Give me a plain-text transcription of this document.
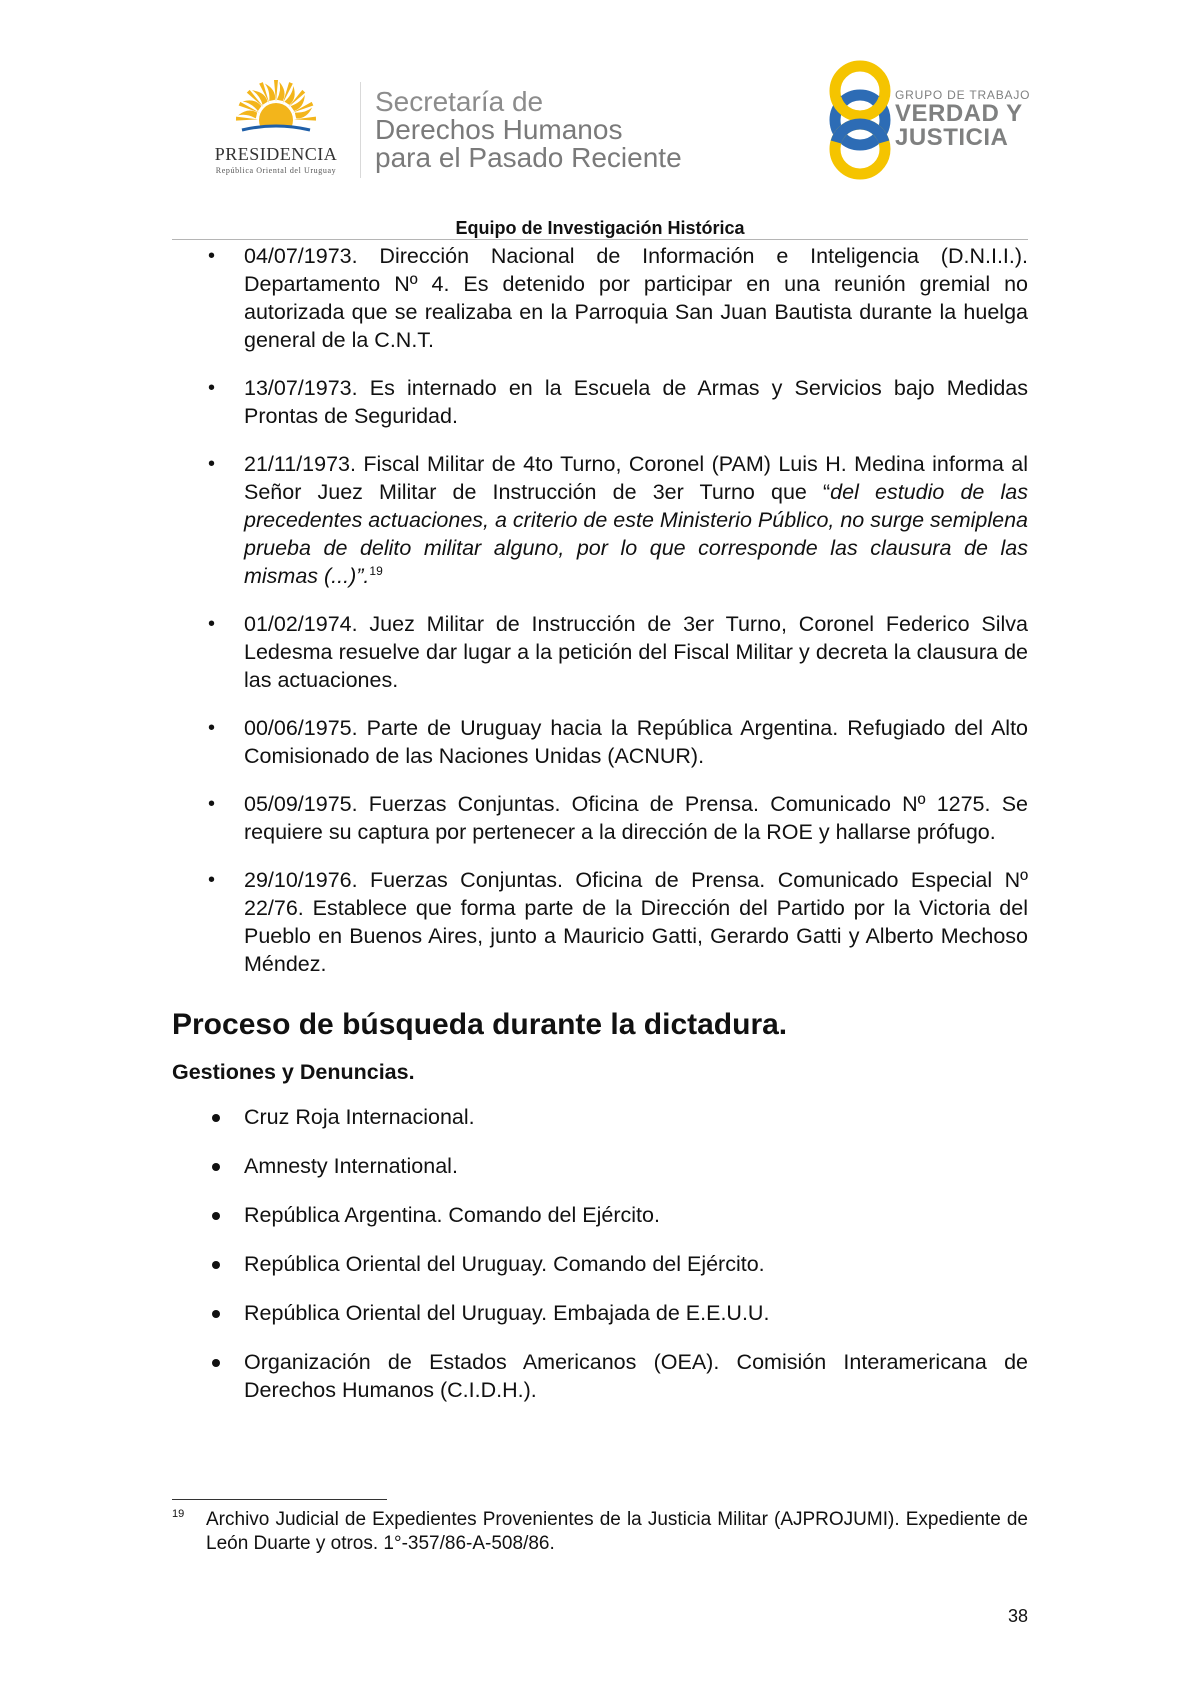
PRESIDENCIA
República Oriental del Uruguay
Secretaría de
Derechos Humanos
para el Pasado Reciente
GRUPO DE TRABAJO
VERDAD Y
JUSTICIA
Equipo de Investigación Histórica
• 04/07/1973. Dirección Nacional de Información e Inteligencia (D.N.I.I.). Departamento Nº 4. Es detenido por participar en una reunión gremial no autorizada que se realizaba en la Parroquia San Juan Bautista durante la huelga general de la C.N.T.
• 13/07/1973. Es internado en la Escuela de Armas y Servicios bajo Medidas Prontas de Seguridad.
• 21/11/1973. Fiscal Militar de 4to Turno, Coronel (PAM) Luis H. Medina informa al Señor Juez Militar de Instrucción de 3er Turno que “del estudio de las precedentes actuaciones, a criterio de este Ministerio Público, no surge semiplena prueba de delito militar alguno, por lo que corresponde las clausura de las mismas (...)”.$^{19}$
• 01/02/1974. Juez Militar de Instrucción de 3er Turno, Coronel Federico Silva Ledesma resuelve dar lugar a la petición del Fiscal Militar y decreta la clausura de las actuaciones.
• 00/06/1975. Parte de Uruguay hacia la República Argentina. Refugiado del Alto Comisionado de las Naciones Unidas (ACNUR).
• 05/09/1975. Fuerzas Conjuntas. Oficina de Prensa. Comunicado Nº 1275. Se requiere su captura por pertenecer a la dirección de la ROE y hallarse prófugo.
• 29/10/1976. Fuerzas Conjuntas. Oficina de Prensa. Comunicado Especial Nº 22/76. Establece que forma parte de la Dirección del Partido por la Victoria del Pueblo en Buenos Aires, junto a Mauricio Gatti, Gerardo Gatti y Alberto Mechoso Méndez.
Proceso de búsqueda durante la dictadura.
Gestiones y Denuncias.
Cruz Roja Internacional.
Amnesty International.
República Argentina. Comando del Ejército.
República Oriental del Uruguay. Comando del Ejército.
República Oriental del Uruguay. Embajada de E.E.U.U.
Organización de Estados Americanos (OEA). Comisión Interamericana de Derechos Humanos (C.I.D.H.).
19	Archivo Judicial de Expedientes Provenientes de la Justicia Militar (AJPROJUMI). Expediente de León Duarte y otros. 1°-357/86-A-508/86.
38
